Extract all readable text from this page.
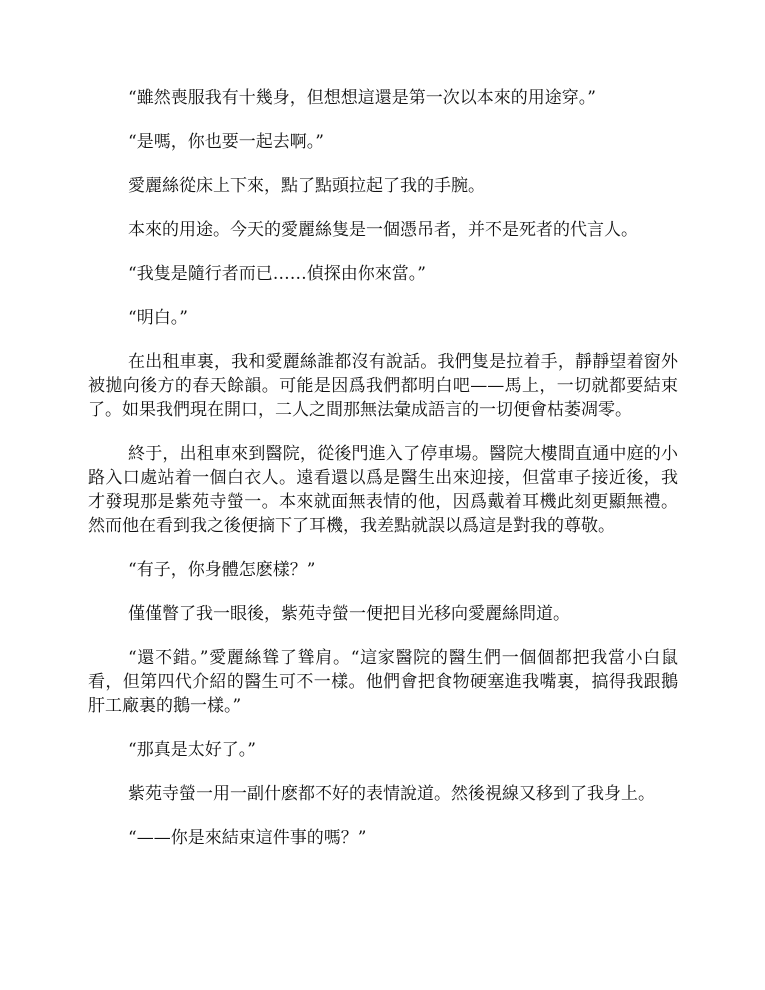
“雖然喪服我有十幾身，但想想這還是第一次以本來的用途穿。”

“是嗎，你也要一起去啊。”

愛麗絲從床上下來，點了點頭拉起了我的手腕。

本來的用途。今天的愛麗絲隻是一個憑吊者，并不是死者的代言人。

“我隻是隨行者而已……偵探由你來當。”

“明白。”

在出租車裏，我和愛麗絲誰都沒有說話。我們隻是拉着手，靜靜望着窗外被拋向後方的春天餘韻。可能是因爲我們都明白吧——馬上，一切就都要結束了。如果我們現在開口，二人之間那無法彙成語言的一切便會枯萎凋零。

終于，出租車來到醫院，從後門進入了停車場。醫院大樓間直通中庭的小路入口處站着一個白衣人。遠看還以爲是醫生出來迎接，但當車子接近後，我才發現那是紫苑寺螢一。本來就面無表情的他，因爲戴着耳機此刻更顯無禮。然而他在看到我之後便摘下了耳機，我差點就誤以爲這是對我的尊敬。

“有子，你身體怎麽樣？”

僅僅瞥了我一眼後，紫苑寺螢一便把目光移向愛麗絲問道。

“還不錯。”愛麗絲聳了聳肩。“這家醫院的醫生們一個個都把我當小白鼠看，但第四代介紹的醫生可不一樣。他們會把食物硬塞進我嘴裏，搞得我跟鵝肝工廠裏的鵝一樣。”

“那真是太好了。”

紫苑寺螢一用一副什麽都不好的表情說道。然後視線又移到了我身上。

“——你是來結束這件事的嗎？”
